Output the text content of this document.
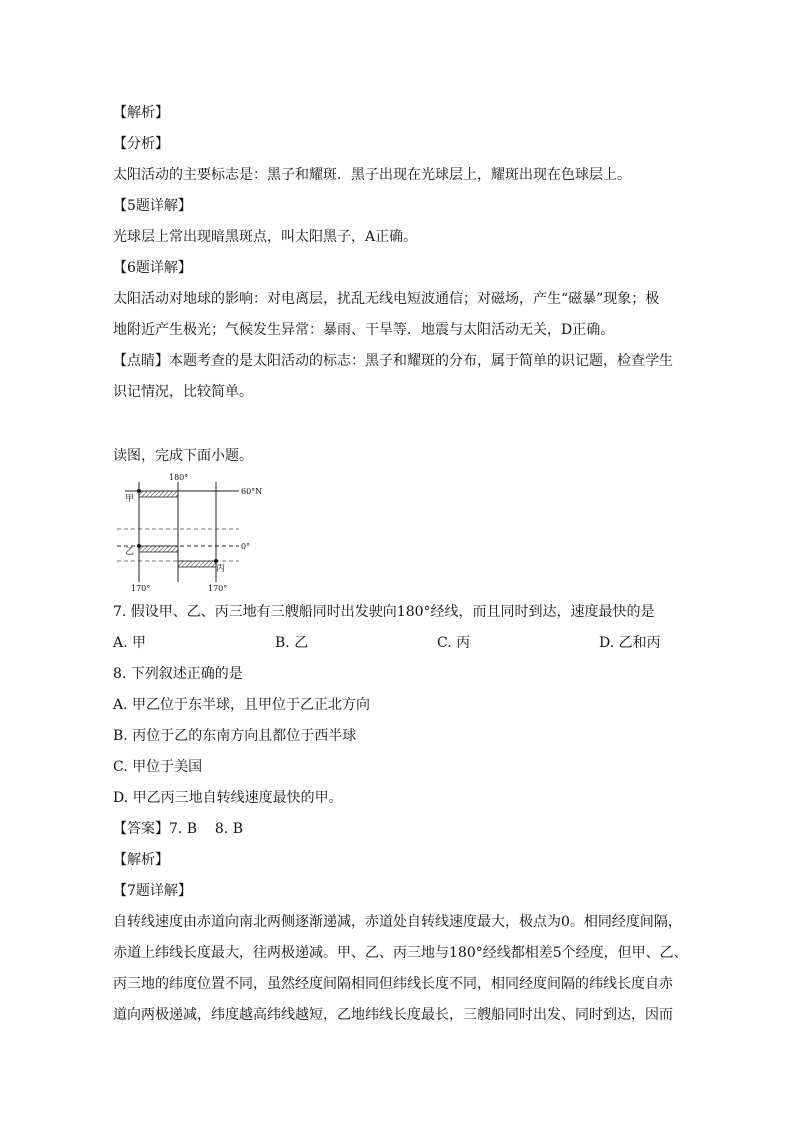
【解析】
【分析】
太阳活动的主要标志是：黑子和耀斑．黑子出现在光球层上，耀斑出现在色球层上。
【5题详解】
光球层上常出现暗黑斑点，叫太阳黑子，A正确。
【6题详解】
太阳活动对地球的影响：对电离层，扰乱无线电短波通信；对磁场，产生“磁暴”现象；极
地附近产生极光；气候发生异常：暴雨、干旱等．地震与太阳活动无关，D正确。
【点睛】本题考查的是太阳活动的标志：黑子和耀斑的分布，属于简单的识记题，检查学生
识记情况，比较简单。
读图，完成下面小题。
180°
60°N
0°
甲
乙
丙
170°	170°
7. 假设甲、乙、丙三地有三艘船同时出发驶向180°经线，而且同时到达，速度最快的是
A. 甲	B. 乙	C. 丙	D. 乙和丙
8. 下列叙述正确的是
A. 甲乙位于东半球，且甲位于乙正北方向
B. 丙位于乙的东南方向且都位于西半球
C. 甲位于美国
D. 甲乙丙三地自转线速度最快的甲。
【答案】7. B    8. B
【解析】
【7题详解】
自转线速度由赤道向南北两侧逐渐递减，赤道处自转线速度最大，极点为0。相同经度间隔，
赤道上纬线长度最大，往两极递减。甲、乙、丙三地与180°经线都相差5个经度，但甲、乙、
丙三地的纬度位置不同，虽然经度间隔相同但纬线长度不同，相同经度间隔的纬线长度自赤
道向两极递减，纬度越高纬线越短，乙地纬线长度最长，三艘船同时出发、同时到达，因而
